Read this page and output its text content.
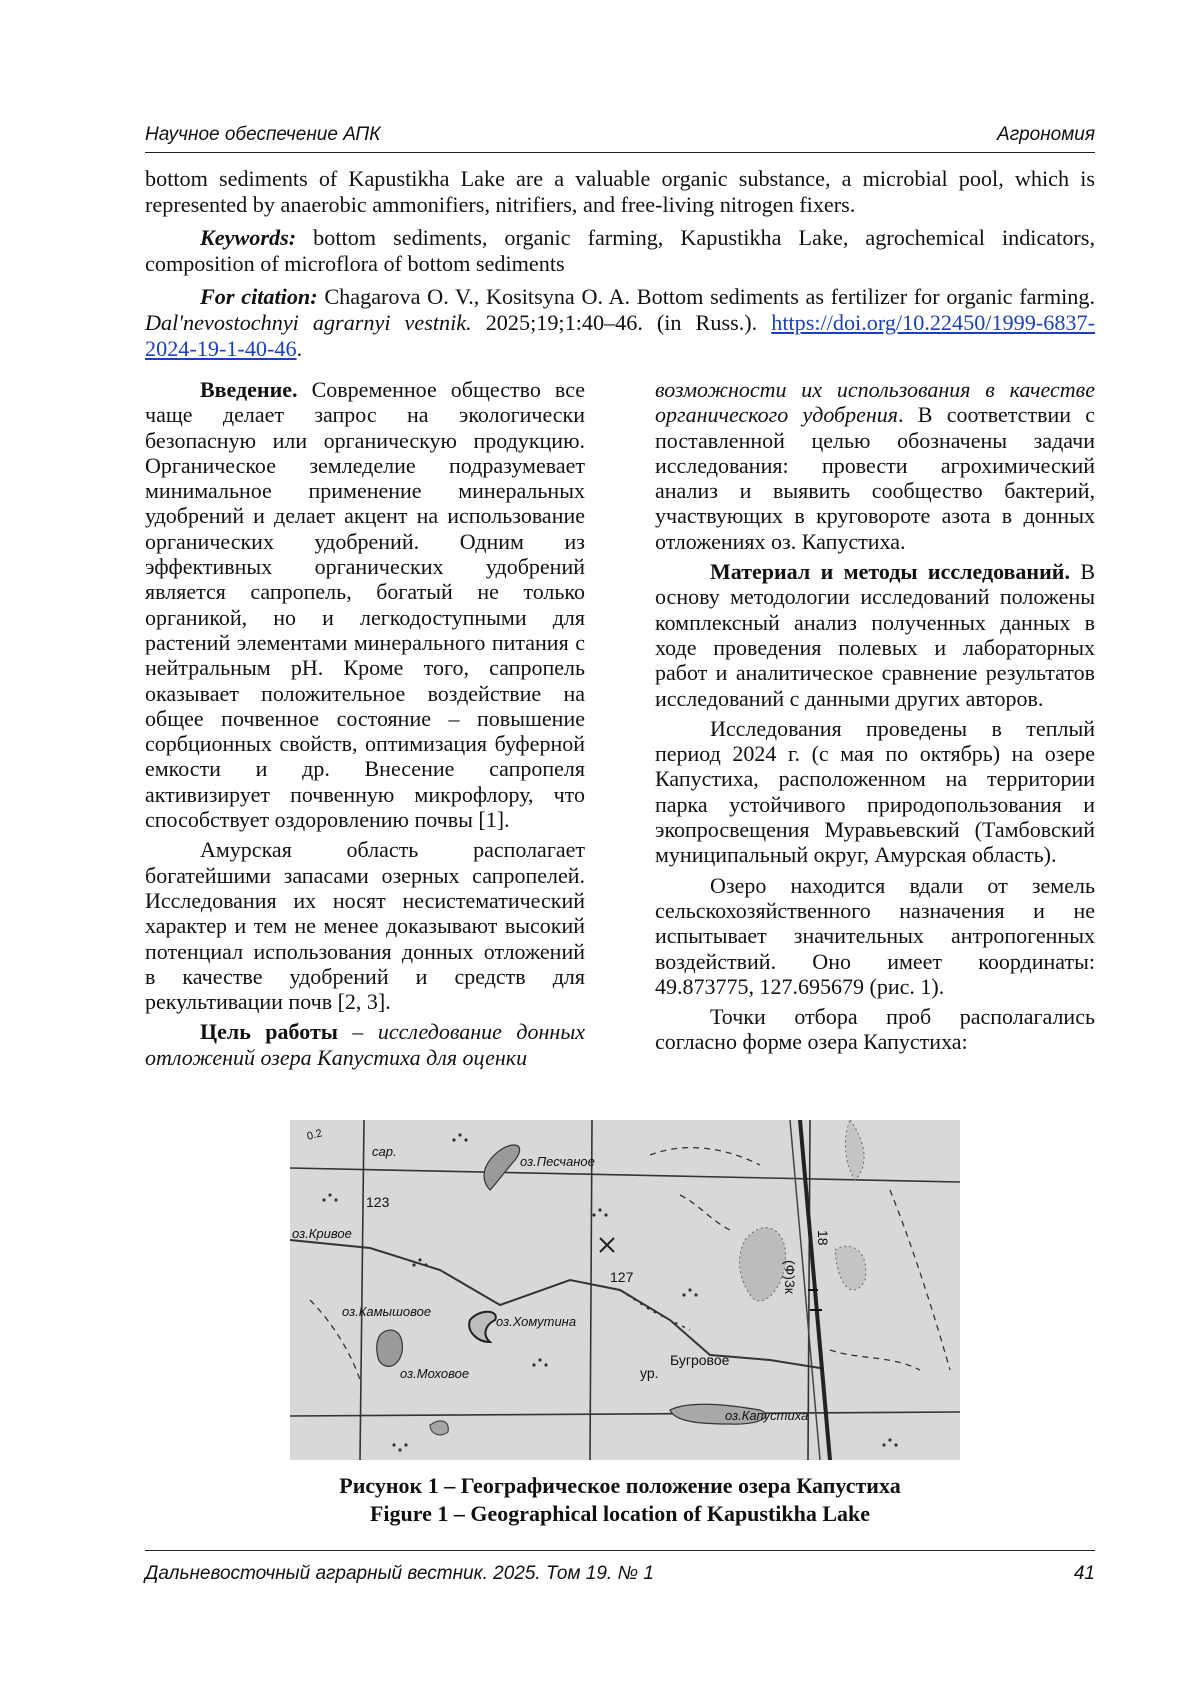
Научное обеспечение АПК	Агрономия

bottom sediments of Kapustikha Lake are a valuable organic substance, a microbial pool, which is represented by anaerobic ammonifiers, nitrifiers, and free-living nitrogen fixers.

Keywords: bottom sediments, organic farming, Kapustikha Lake, agrochemical indicators, composition of microflora of bottom sediments

For citation: Chagarova O. V., Kositsyna O. A. Bottom sediments as fertilizer for organic farming. Dal'nevostochnyi agrarnyi vestnik. 2025;19;1:40–46. (in Russ.). https://doi.org/10.22450/1999-6837-2024-19-1-40-46.

Введение. Современное общество все чаще делает запрос на экологически безопасную или органическую продукцию. Органическое земледелие подразумевает минимальное применение минеральных удобрений и делает акцент на использование органических удобрений. Одним из эффективных органических удобрений является сапропель, богатый не только органикой, но и легкодоступными для растений элементами минерального питания с нейтральным рН. Кроме того, сапропель оказывает положительное воздействие на общее почвенное состояние – повышение сорбционных свойств, оптимизация буферной емкости и др. Внесение сапропеля активизирует почвенную микрофлору, что способствует оздоровлению почвы [1].

Амурская область располагает богатейшими запасами озерных сапропелей. Исследования их носят несистематический характер и тем не менее доказывают высокий потенциал использования донных отложений в качестве удобрений и средств для рекультивации почв [2, 3].

Цель работы – исследование донных отложений озера Капустиха для оценки

возможности их использования в качестве органического удобрения. В соответствии с поставленной целью обозначены задачи исследования: провести агрохимический анализ и выявить сообщество бактерий, участвующих в круговороте азота в донных отложениях оз. Капустиха.

Материал и методы исследований. В основу методологии исследований положены комплексный анализ полученных данных в ходе проведения полевых и лабораторных работ и аналитическое сравнение результатов исследований с данными других авторов.

Исследования проведены в теплый период 2024 г. (с мая по октябрь) на озере Капустиха, расположенном на территории парка устойчивого природопользования и экопросвещения Муравьевский (Тамбовский муниципальный округ, Амурская область).

Озеро находится вдали от земель сельскохозяйственного назначения и не испытывает значительных антропогенных воздействий. Оно имеет координаты: 49.873775, 127.695679 (рис. 1).

Точки отбора проб располагались согласно форме озера Капустиха:

сар.
оз.Песчаное
123
оз.Кривое
127
оз.Камышовое
оз.Хомутина
оз.Моховое	ур.
Бугровое
оз.Капустиха
(Ф)3к
18
0.2
Рисунок 1 – Географическое положение озера Капустиха
Figure 1 – Geographical location of Kapustikha Lake
Дальневосточный аграрный вестник. 2025. Том 19. № 1	41
